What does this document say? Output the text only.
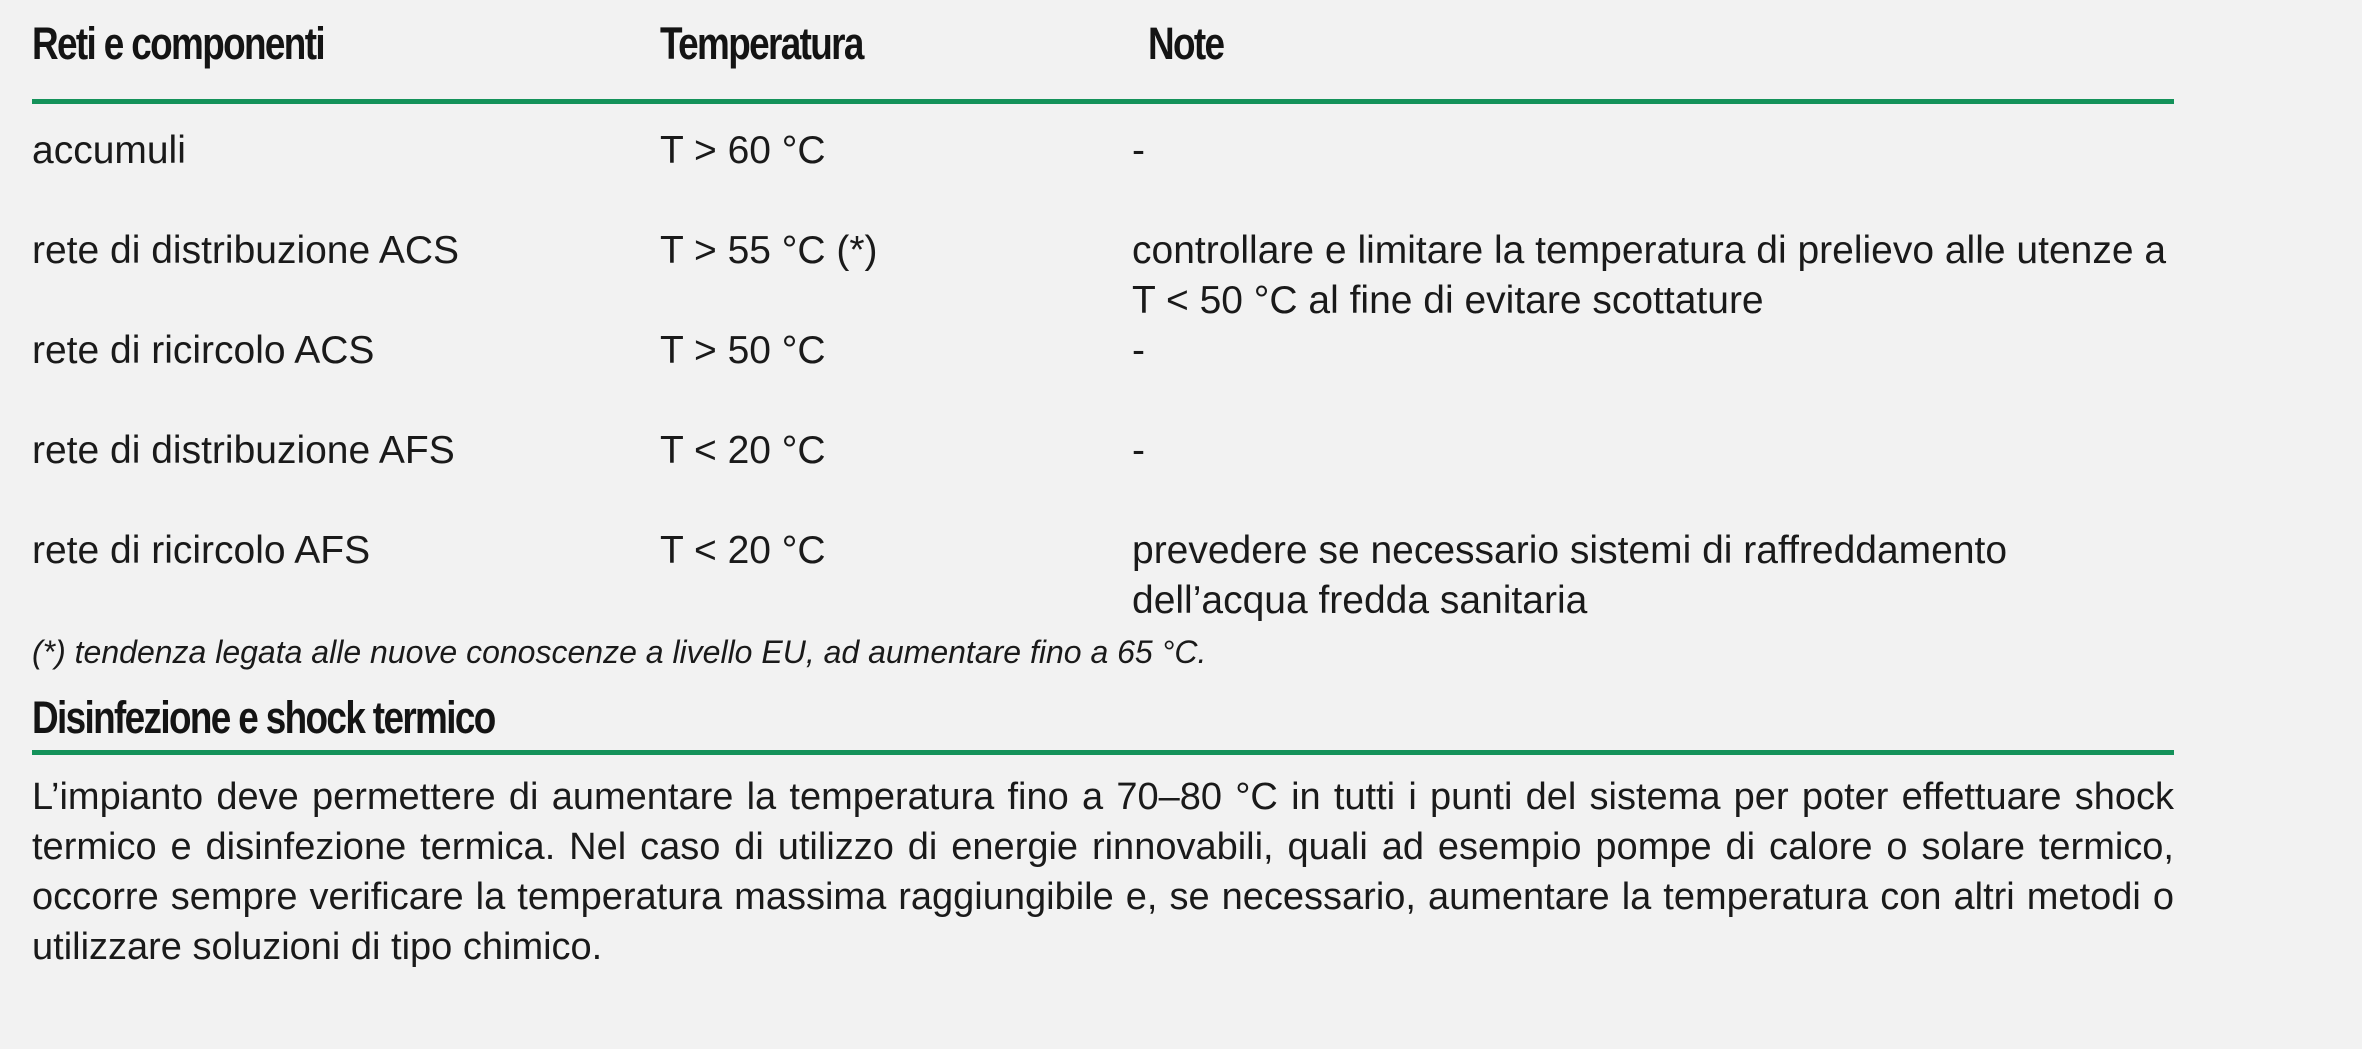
Reti e componenti	Temperatura	Note
accumuli	T > 60 °C	-
rete di distribuzione ACS	T > 55 °C (*)	controllare e limitare la temperatura di prelievo alle utenze a T < 50 °C al fine di evitare scottature
rete di ricircolo ACS	T > 50 °C	-
rete di distribuzione AFS	T < 20 °C	-
rete di ricircolo AFS	T < 20 °C	prevedere se necessario sistemi di raffreddamento dell’acqua fredda sanitaria
(*) tendenza legata alle nuove conoscenze a livello EU, ad aumentare fino a 65 °C.
Disinfezione e shock termico
L’impianto deve permettere di aumentare la temperatura fino a 70–80 °C in tutti i punti del sistema per poter effettuare shock termico e disinfezione termica. Nel caso di utilizzo di energie rinnovabili, quali ad esempio pompe di calore o solare termico, occorre sempre verificare la temperatura massima raggiungibile e, se necessario, aumentare la temperatura con altri metodi o utilizzare soluzioni di tipo chimico.
